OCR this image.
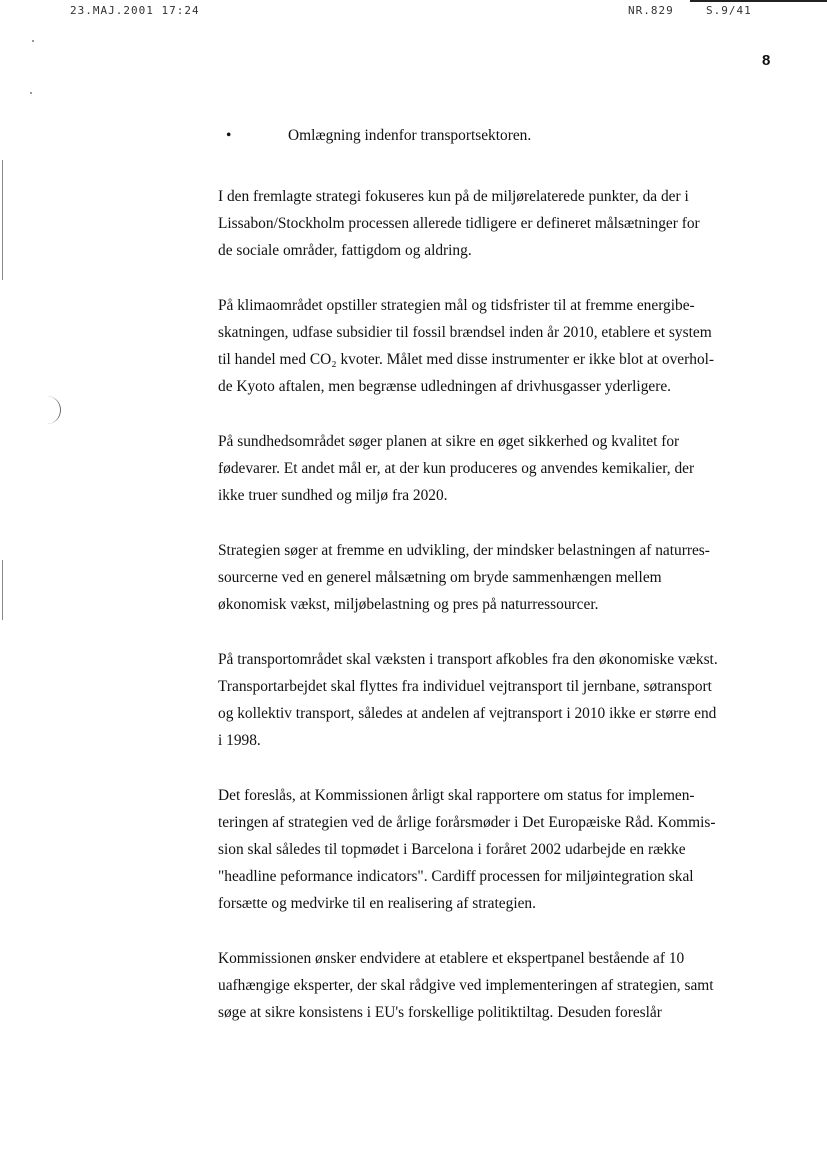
23.MAJ.2001 17:24	NR.829	S.9/41
8
•	Omlægning indenfor transportsektoren.
I den fremlagte strategi fokuseres kun på de miljørelaterede punkter, da der i
Lissabon/Stockholm processen allerede tidligere er defineret målsætninger for
de sociale områder, fattigdom og aldring.
På klimaområdet opstiller strategien mål og tidsfrister til at fremme energibe-
skatningen, udfase subsidier til fossil brændsel inden år 2010, etablere et system
til handel med CO₂ kvoter. Målet med disse instrumenter er ikke blot at overhol-
de Kyoto aftalen, men begrænse udledningen af drivhusgasser yderligere.
På sundhedsområdet søger planen at sikre en øget sikkerhed og kvalitet for
fødevarer. Et andet mål er, at der kun produceres og anvendes kemikalier, der
ikke truer sundhed og miljø fra 2020.
Strategien søger at fremme en udvikling, der mindsker belastningen af naturres-
sourcerne ved en generel målsætning om bryde sammenhængen mellem
økonomisk vækst, miljøbelastning og pres på naturressourcer.
På transportområdet skal væksten i transport afkobles fra den økonomiske vækst.
Transportarbejdet skal flyttes fra individuel vejtransport til jernbane, søtransport
og kollektiv transport, således at andelen af vejtransport i 2010 ikke er større end
i 1998.
Det foreslås, at Kommissionen årligt skal rapportere om status for implemen-
teringen af strategien ved de årlige forårsmøder i Det Europæiske Råd. Kommis-
sion skal således til topmødet i Barcelona i foråret 2002 udarbejde en række
"headline peformance indicators". Cardiff processen for miljøintegration skal
forsætte og medvirke til en realisering af strategien.
Kommissionen ønsker endvidere at etablere et ekspertpanel bestående af 10
uafhængige eksperter, der skal rådgive ved implementeringen af strategien, samt
søge at sikre konsistens i EU's forskellige politiktiltag. Desuden foreslår
